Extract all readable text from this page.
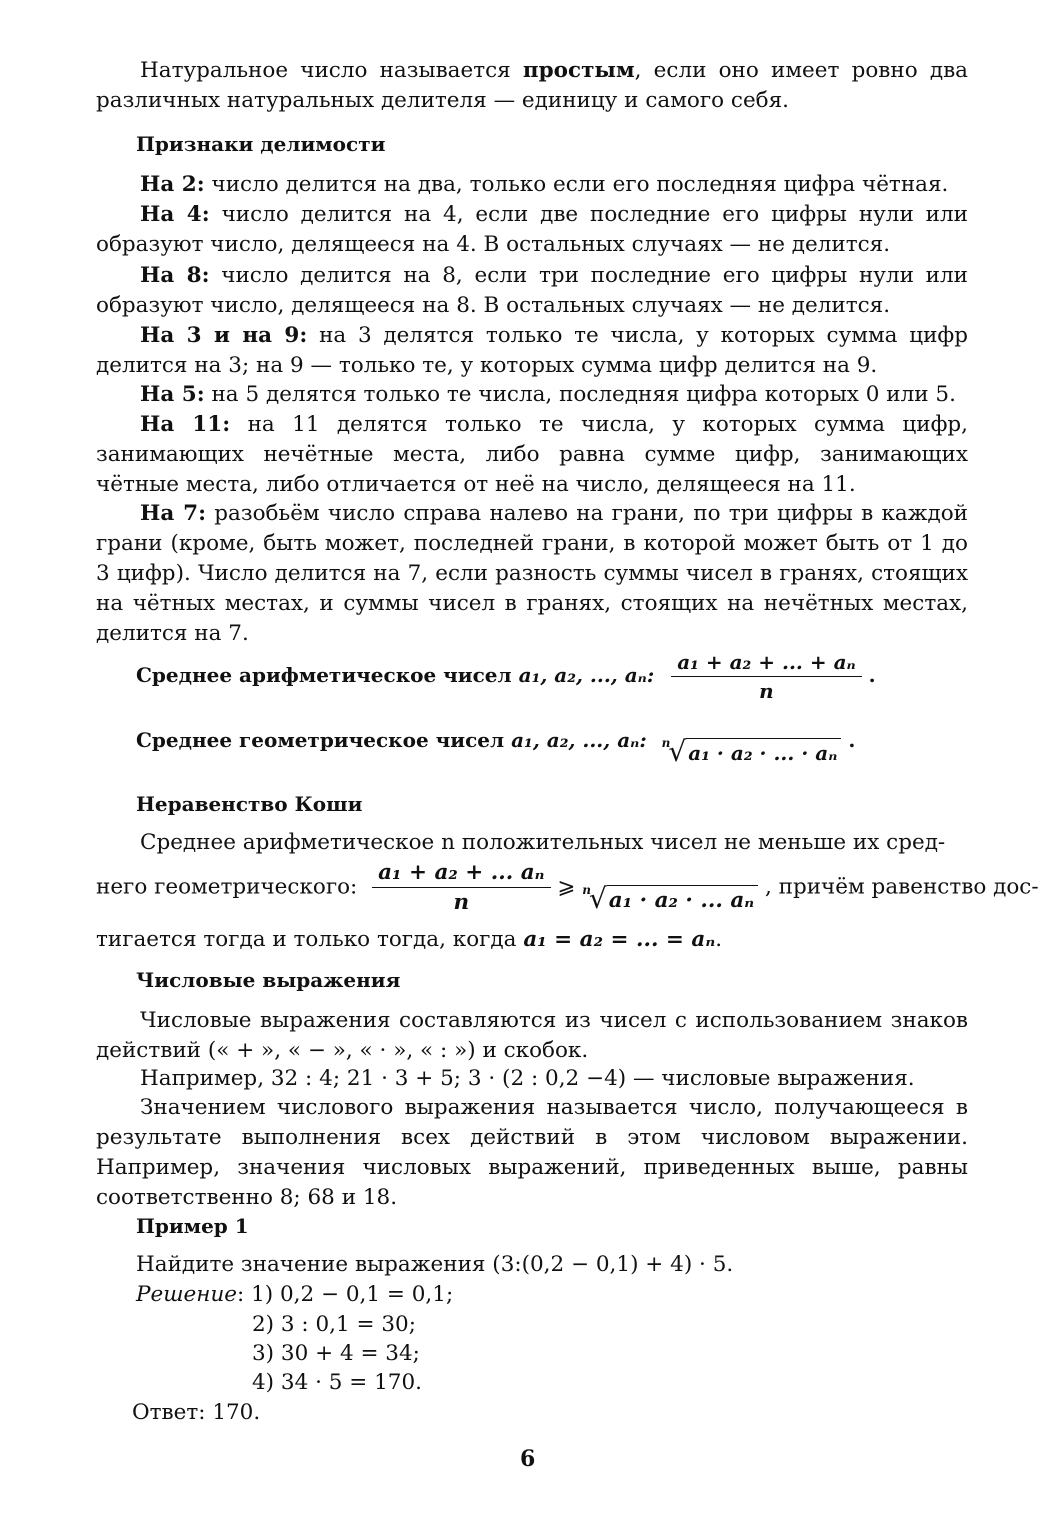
Натуральное число называется простым, если оно имеет ровно два различных натуральных делителя — единицу и самого себя.

Признаки делимости

На 2: число делится на два, только если его последняя цифра чётная.

На 4: число делится на 4, если две последние его цифры нули или образуют число, делящееся на 4. В остальных случаях — не делится.

На 8: число делится на 8, если три последние его цифры нули или образуют число, делящееся на 8. В остальных случаях — не делится.

На 3 и на 9: на 3 делятся только те числа, у которых сумма цифр делится на 3; на 9 — только те, у которых сумма цифр делится на 9.

На 5: на 5 делятся только те числа, последняя цифра которых 0 или 5.

На 11: на 11 делятся только те числа, у которых сумма цифр, занимающих нечётные места, либо равна сумме цифр, занимающих чётные места, либо отличается от неё на число, делящееся на 11.

На 7: разобьём число справа налево на грани, по три цифры в каждой грани (кроме, быть может, последней грани, в которой может быть от 1 до 3 цифр). Число делится на 7, если разность суммы чисел в гранях, стоящих на чётных местах, и суммы чисел в гранях, стоящих на нечётных местах, делится на 7.

Среднее арифметическое чисел a₁, a₂, ..., aₙ: $\frac{\text{a₁ + a₂ + ... + aₙ}}{n}$ .
Среднее геометрическое чисел a₁, a₂, ..., aₙ: n
√ a₁ · a₂ · ... · aₙ
.
Неравенство Коши

Среднее арифметическое n положительных чисел не меньше их сред-

него геометрического: $\frac{\text{a₁ + a₂ + ... aₙ}}{n}$ ⩾ n
√ a₁ · a₂ · ... aₙ
, причём равенство дос-

тигается тогда и только тогда, когда a₁ = a₂ = ... = aₙ.

Числовые выражения

Числовые выражения составляются из чисел с использованием знаков действий (« + », « − », « · », « : ») и скобок.

Например, 32 : 4; 21 · 3 + 5; 3 · (2 : 0,2 −4) — числовые выражения.

Значением числового выражения называется число, получающееся в результате выполнения всех действий в этом числовом выражении. Например, значения числовых выражений, приведенных выше, равны соответственно 8; 68 и 18.

Пример 1
Найдите значение выражения (3:(0,2 − 0,1) + 4) · 5.
Решение: 1) 0,2 − 0,1 = 0,1;
2) 3 : 0,1 = 30;
3) 30 + 4 = 34;
4) 34 · 5 = 170.
Ответ: 170.
6
